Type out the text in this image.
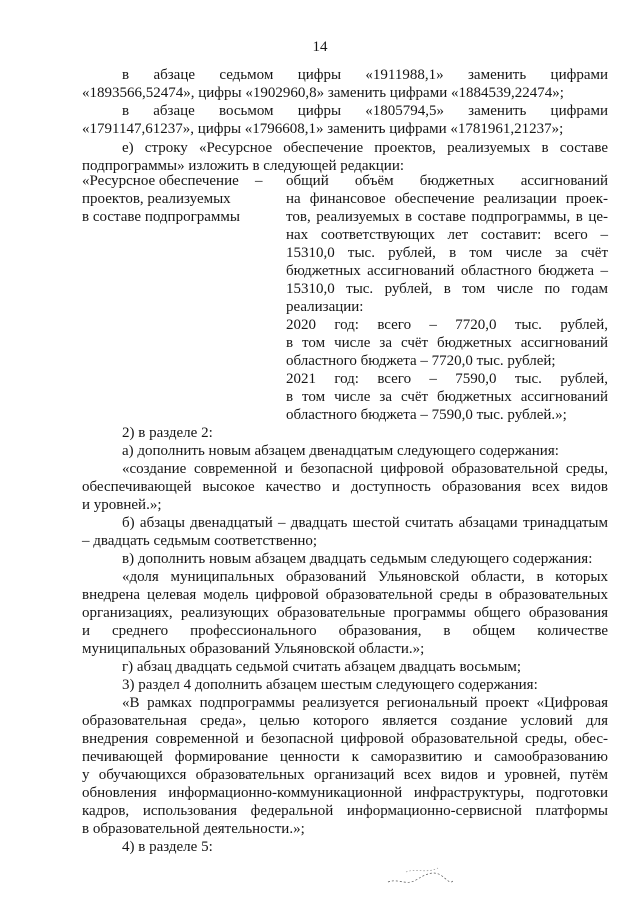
14
в абзаце седьмом цифры «1911988,1» заменить цифрами
«1893566,52474», цифры «1902960,8» заменить цифрами «1884539,22474»;
в абзаце восьмом цифры «1805794,5» заменить цифрами
«1791147,61237», цифры «1796608,1» заменить цифрами «1781961,21237»;
е) строку «Ресурсное обеспечение проектов, реализуемых в составе
подпрограммы» изложить в следующей редакции:
«Ресурсное обеспечение
проектов, реализуемых
в составе подпрограммы
–	общий объём бюджетных ассигнований
на финансовое обеспечение реализации проек-
тов, реализуемых в составе подпрограммы, в це-
нах соответствующих лет составит: всего –
15310,0 тыс. рублей, в том числе за счёт
бюджетных ассигнований областного бюджета –
15310,0 тыс. рублей, в том числе по годам
реализации:
2020 год: всего – 7720,0 тыс. рублей,
в том числе за счёт бюджетных ассигнований
областного бюджета – 7720,0 тыс. рублей;
2021 год: всего – 7590,0 тыс. рублей,
в том числе за счёт бюджетных ассигнований
областного бюджета – 7590,0 тыс. рублей.»;
2) в разделе 2:
а) дополнить новым абзацем двенадцатым следующего содержания:
«создание современной и безопасной цифровой образовательной среды,
обеспечивающей высокое качество и доступность образования всех видов
и уровней.»;
б) абзацы двенадцатый – двадцать шестой считать абзацами тринадцатым
– двадцать седьмым соответственно;
в) дополнить новым абзацем двадцать седьмым следующего содержания:
«доля муниципальных образований Ульяновской области, в которых
внедрена целевая модель цифровой образовательной среды в образовательных
организациях, реализующих образовательные программы общего образования
и среднего профессионального образования, в общем количестве
муниципальных образований Ульяновской области.»;
г) абзац двадцать седьмой считать абзацем двадцать восьмым;
3) раздел 4 дополнить абзацем шестым следующего содержания:
«В рамках подпрограммы реализуется региональный проект «Цифровая
образовательная среда», целью которого является создание условий для
внедрения современной и безопасной цифровой образовательной среды, обес-
печивающей формирование ценности к саморазвитию и самообразованию
у обучающихся образовательных организаций всех видов и уровней, путём
обновления информационно-коммуникационной инфраструктуры, подготовки
кадров, использования федеральной информационно-сервисной платформы
в образовательной деятельности.»;
4) в разделе 5:
